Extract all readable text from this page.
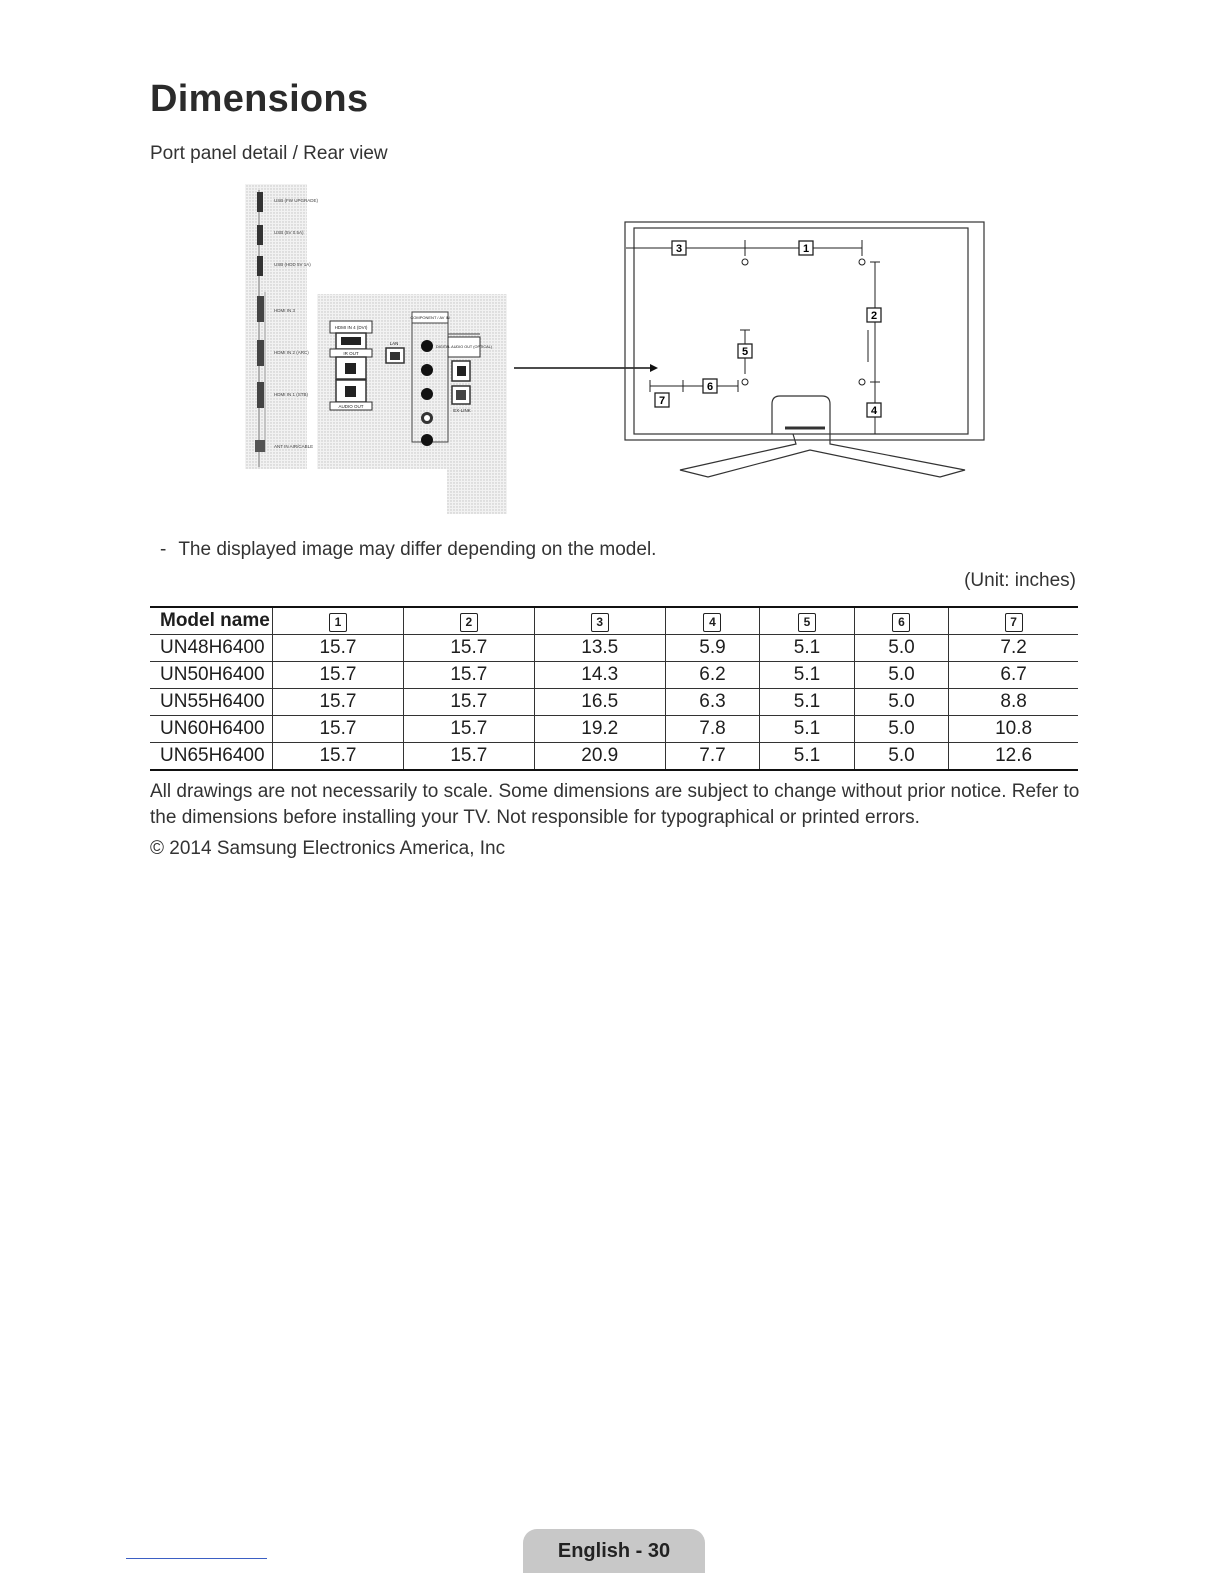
Dimensions
Port panel detail / Rear view
USB (FW UPGRADE)
USB (5V 0.5A)
USB (HDD 5V 1A)
HDMI IN 3
HDMI IN 2 (ARC)
HDMI IN 1 (STB)
ANT IN AIR/CABLE
HDMI IN 4 (DVI)
IR OUT
AUDIO OUT
LAN
COMPONENT / AV IN
DIGITAL AUDIO OUT (OPTICAL)
EX-LINK
3	1
2
5
6
7
4
- The displayed image may differ depending on the model.
(Unit: inches)
Model name	1	2	3	4	5	6	7
UN48H6400	15.7	15.7	13.5	5.9	5.1	5.0	7.2
UN50H6400	15.7	15.7	14.3	6.2	5.1	5.0	6.7
UN55H6400	15.7	15.7	16.5	6.3	5.1	5.0	8.8
UN60H6400	15.7	15.7	19.2	7.8	5.1	5.0	10.8
UN65H6400	15.7	15.7	20.9	7.7	5.1	5.0	12.6
All drawings are not necessarily to scale. Some dimensions are subject to change without prior notice. Refer to the dimensions before installing your TV. Not responsible for typographical or printed errors.
© 2014 Samsung Electronics America, Inc
English - 30
